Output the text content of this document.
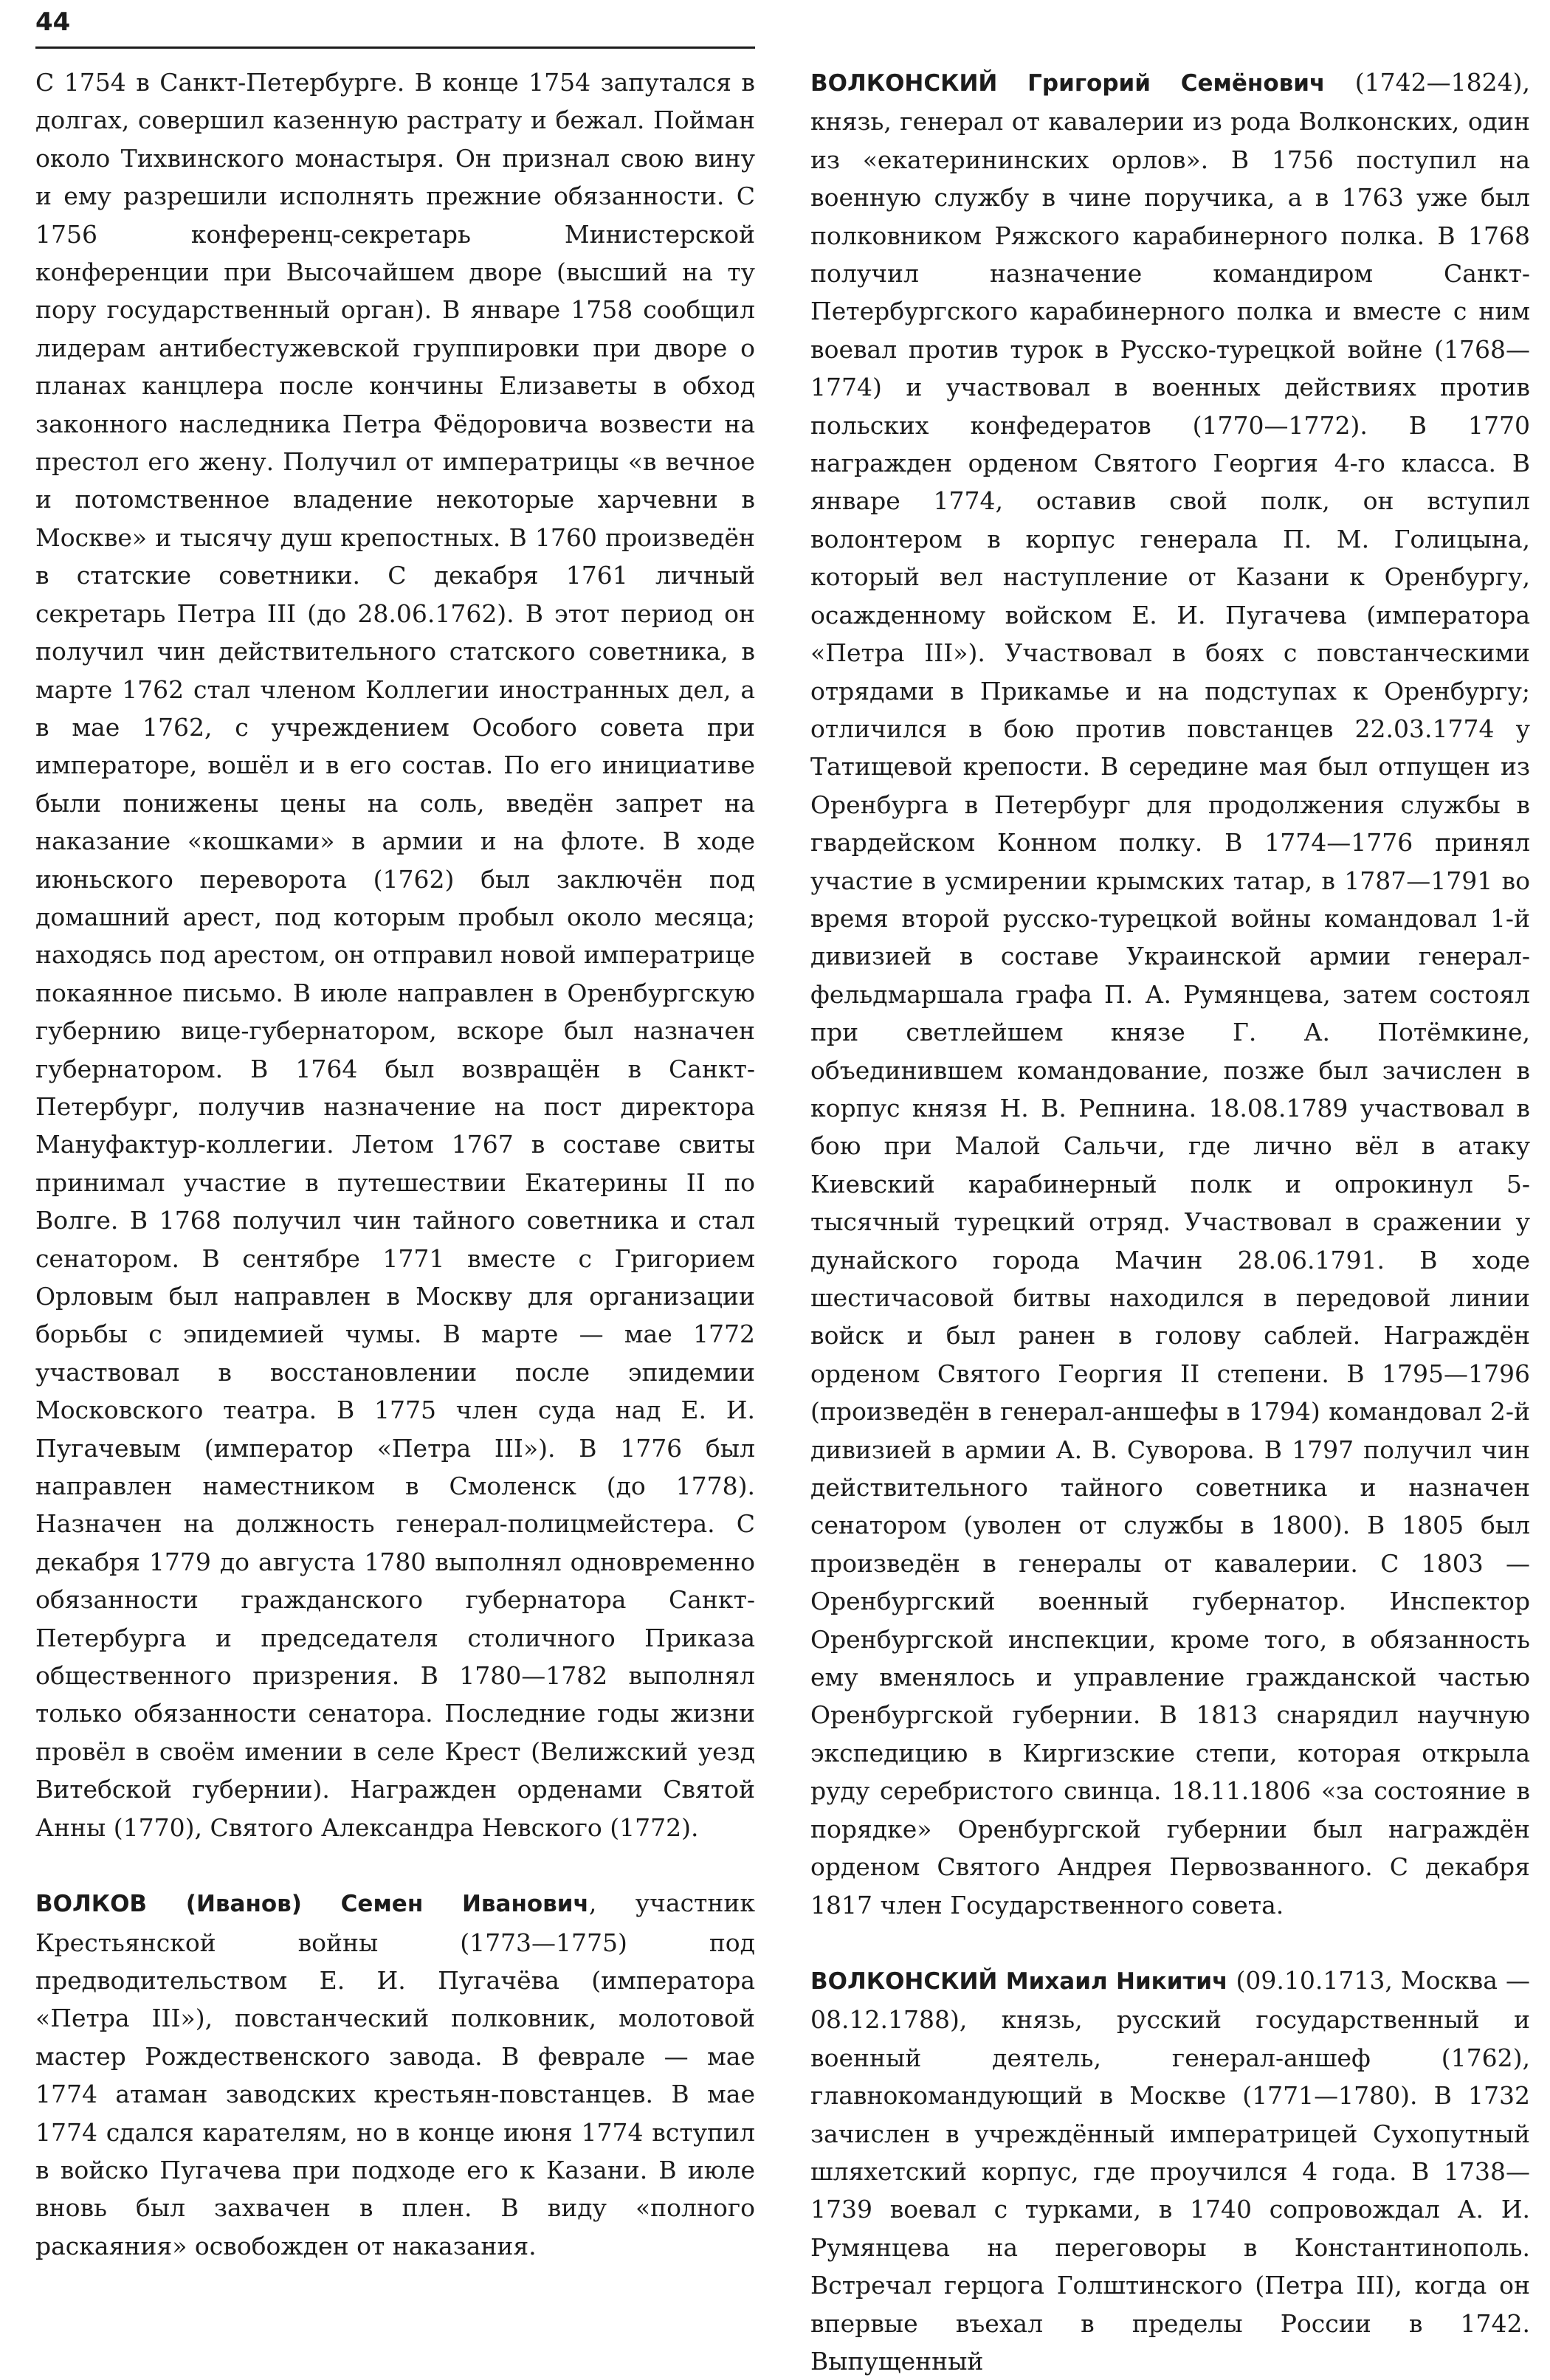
44

С 1754 в Санкт-Петербурге. В конце 1754 запутался в долгах, совершил казенную растрату и бежал. Пойман около Тихвинского монастыря. Он признал свою вину и ему разрешили исполнять прежние обязанности. С 1756 конференц-секретарь Министерской конференции при Высочайшем дворе (высший на ту пору государственный орган). В январе 1758 сообщил лидерам антибестужевской группировки при дворе о планах канцлера после кончины Елизаветы в обход законного наследника Петра Фёдоровича возвести на престол его жену. Получил от императрицы «в вечное и потомственное владение некоторые харчевни в Москве» и тысячу душ крепостных. В 1760 произведён в статские советники. С декабря 1761 личный секретарь Петра III (до 28.06.1762). В этот период он получил чин действительного статского советника, в марте 1762 стал членом Коллегии иностранных дел, а в мае 1762, с учреждением Особого совета при императоре, вошёл и в его состав. По его инициативе были понижены цены на соль, введён запрет на наказание «кошками» в армии и на флоте. В ходе июньского переворота (1762) был заключён под домашний арест, под которым пробыл около месяца; находясь под арестом, он отправил новой императрице покаянное письмо. В июле направлен в Оренбургскую губернию вице-губернатором, вскоре был назначен губернатором. В 1764 был возвращён в Санкт-Петербург, получив назначение на пост директора Мануфактур-коллегии. Летом 1767 в составе свиты принимал участие в путешествии Екатерины II по Волге. В 1768 получил чин тайного советника и стал сенатором. В сентябре 1771 вместе с Григорием Орловым был направлен в Москву для организации борьбы с эпидемией чумы. В марте — мае 1772 участвовал в восстановлении после эпидемии Московского театра. В 1775 член суда над Е. И. Пугачевым (император «Петра III»). В 1776 был направлен наместником в Смоленск (до 1778). Назначен на должность генерал-полицмейстера. С декабря 1779 до августа 1780 выполнял одновременно обязанности гражданского губернатора Санкт-Петербурга и председателя столичного Приказа общественного призрения. В 1780—1782 выполнял только обязанности сенатора. Последние годы жизни провёл в своём имении в селе Крест (Велижский уезд Витебской губернии). Награжден орденами Святой Анны (1770), Святого Александра Невского (1772).

ВОЛКОВ (Иванов) Семен Иванович, участник Крестьянской войны (1773—1775) под предводительством Е. И. Пугачёва (императора «Петра III»), повстанческий полковник, молотовой мастер Рождественского завода. В феврале — мае 1774 атаман заводских крестьян-повстанцев. В мае 1774 сдался карателям, но в конце июня 1774 вступил в войско Пугачева при подходе его к Казани. В июле вновь был захвачен в плен. В виду «полного раскаяния» освобожден от наказания.

ВОЛКОНСКИЙ Григорий Семёнович (1742—1824), князь, генерал от кавалерии из рода Волконских, один из «екатерининских орлов». В 1756 поступил на военную службу в чине поручика, а в 1763 уже был полковником Ряжского карабинерного полка. В 1768 получил назначение командиром Санкт-Петербургского карабинерного полка и вместе с ним воевал против турок в Русско-турецкой войне (1768—1774) и участвовал в военных действиях против польских конфедератов (1770—1772). В 1770 награжден орденом Святого Георгия 4-го класса. В январе 1774, оставив свой полк, он вступил волонтером в корпус генерала П. М. Голицына, который вел наступление от Казани к Оренбургу, осажденному войском Е. И. Пугачева (императора «Петра III»). Участвовал в боях с повстанческими отрядами в Прикамье и на подступах к Оренбургу; отличился в бою против повстанцев 22.03.1774 у Татищевой крепости. В середине мая был отпущен из Оренбурга в Петербург для продолжения службы в гвардейском Конном полку. В 1774—1776 принял участие в усмирении крымских татар, в 1787—1791 во время второй русско-турецкой войны командовал 1-й дивизией в составе Украинской армии генерал-фельдмаршала графа П. А. Румянцева, затем состоял при светлейшем князе Г. А. Потёмкине, объединившем командование, позже был зачислен в корпус князя Н. В. Репнина. 18.08.1789 участвовал в бою при Малой Сальчи, где лично вёл в атаку Киевский карабинерный полк и опрокинул 5-тысячный турецкий отряд. Участвовал в сражении у дунайского города Мачин 28.06.1791. В ходе шестичасовой битвы находился в передовой линии войск и был ранен в голову саблей. Награждён орденом Святого Георгия II степени. В 1795—1796 (произведён в генерал-аншефы в 1794) командовал 2-й дивизией в армии А. В. Суворова. В 1797 получил чин действительного тайного советника и назначен сенатором (уволен от службы в 1800). В 1805 был произведён в генералы от кавалерии. С 1803 — Оренбургский военный губернатор. Инспектор Оренбургской инспекции, кроме того, в обязанность ему вменялось и управление гражданской частью Оренбургской губернии. В 1813 снарядил научную экспедицию в Киргизские степи, которая открыла руду серебристого свинца. 18.11.1806 «за состояние в порядке» Оренбургской губернии был награждён орденом Святого Андрея Первозванного. С декабря 1817 член Государственного совета.

ВОЛКОНСКИЙ Михаил Никитич (09.10.1713, Москва — 08.12.1788), князь, русский государственный и военный деятель, генерал-аншеф (1762), главнокомандующий в Москве (1771—1780). В 1732 зачислен в учреждённый императрицей Сухопутный шляхетский корпус, где проучился 4 года. В 1738—1739 воевал с турками, в 1740 сопровождал А. И. Румянцева на переговоры в Константинополь. Встречал герцога Голштинского (Петра III), когда он впервые въехал в пределы России в 1742. Выпущенный
